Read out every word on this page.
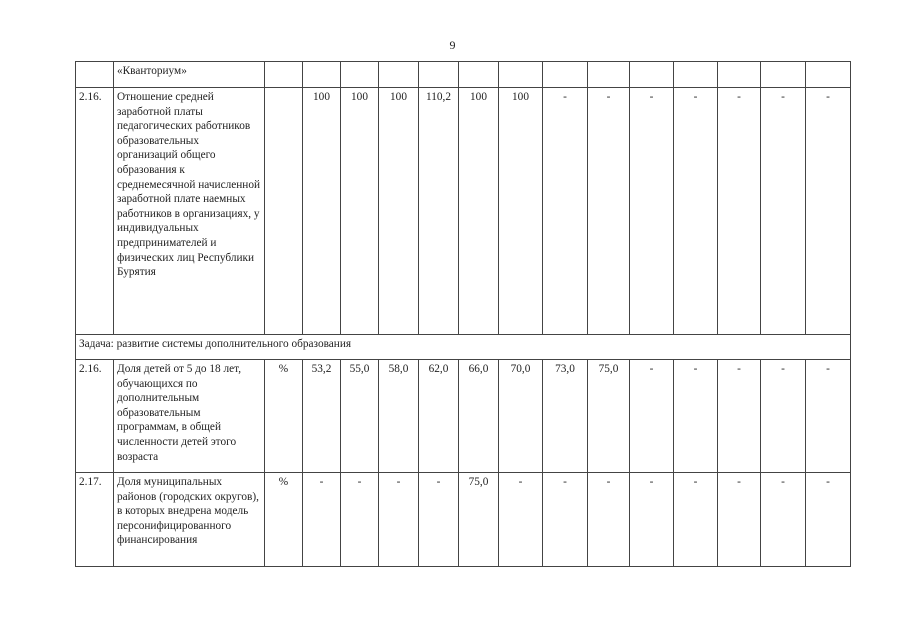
9
	«Кванториум»														
2.16.	Отношение средней заработной платы педагогических работников образовательных организаций общего образования к среднемесячной начисленной заработной плате наемных работников в организациях, у индивидуальных предпринимателей и физических лиц Республики Бурятия		100	100	100	110,2	100	100	-	-	-	-	-	-	-
Задача: развитие системы дополнительного образования															
2.16.	Доля детей от 5 до 18 лет, обучающихся по дополнительным образовательным программам, в общей численности детей этого возраста	%	53,2	55,0	58,0	62,0	66,0	70,0	73,0	75,0	-	-	-	-	-
2.17.	Доля муниципальных районов (городских округов), в которых внедрена модель персонифицированного финансирования	%	-	-	-	-	75,0	-	-	-	-	-	-	-	-
